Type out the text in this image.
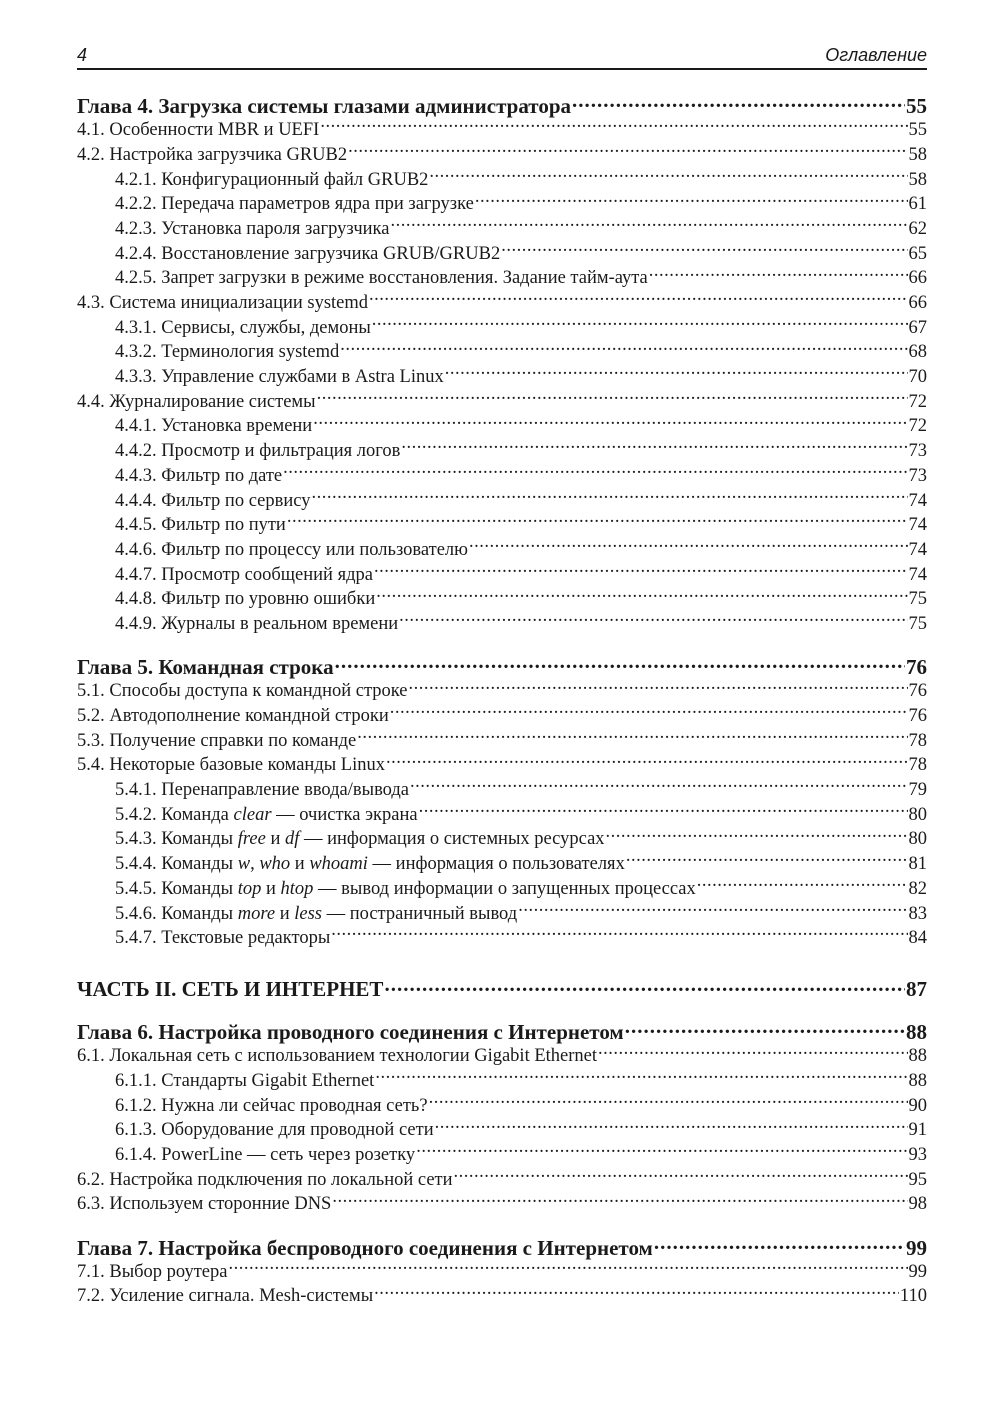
4	Оглавление
Глава 4. Загрузка системы глазами администратора .....	55
4.1. Особенности MBR и UEFI .....	55
4.2. Настройка загрузчика GRUB2 .....	58
4.2.1. Конфигурационный файл GRUB2 .....	58
4.2.2. Передача параметров ядра при загрузке .....	61
4.2.3. Установка пароля загрузчика .....	62
4.2.4. Восстановление загрузчика GRUB/GRUB2 .....	65
4.2.5. Запрет загрузки в режиме восстановления. Задание тайм-аута .....	66
4.3. Система инициализации systemd .....	66
4.3.1. Сервисы, службы, демоны .....	67
4.3.2. Терминология systemd .....	68
4.3.3. Управление службами в Astra Linux .....	70
4.4. Журналирование системы .....	72
4.4.1. Установка времени .....	72
4.4.2. Просмотр и фильтрация логов .....	73
4.4.3. Фильтр по дате .....	73
4.4.4. Фильтр по сервису .....	74
4.4.5. Фильтр по пути .....	74
4.4.6. Фильтр по процессу или пользователю .....	74
4.4.7. Просмотр сообщений ядра .....	74
4.4.8. Фильтр по уровню ошибки .....	75
4.4.9. Журналы в реальном времени .....	75
Глава 5. Командная строка .....	76
5.1. Способы доступа к командной строке .....	76
5.2. Автодополнение командной строки .....	76
5.3. Получение справки по команде .....	78
5.4. Некоторые базовые команды Linux .....	78
5.4.1. Перенаправление ввода/вывода .....	79
5.4.2. Команда clear — очистка экрана .....	80
5.4.3. Команды free и df — информация о системных ресурсах .....	80
5.4.4. Команды w, who и whoami — информация о пользователях .....	81
5.4.5. Команды top и htop — вывод информации о запущенных процессах .....	82
5.4.6. Команды more и less — постраничный вывод .....	83
5.4.7. Текстовые редакторы .....	84
ЧАСТЬ II. СЕТЬ И ИНТЕРНЕТ .....	87
Глава 6. Настройка проводного соединения с Интернетом .....	88
6.1. Локальная сеть с использованием технологии Gigabit Ethernet .....	88
6.1.1. Стандарты Gigabit Ethernet .....	88
6.1.2. Нужна ли сейчас проводная сеть? .....	90
6.1.3. Оборудование для проводной сети .....	91
6.1.4. PowerLine — сеть через розетку .....	93
6.2. Настройка подключения по локальной сети .....	95
6.3. Используем сторонние DNS .....	98
Глава 7. Настройка беспроводного соединения с Интернетом .....	99
7.1. Выбор роутера .....	99
7.2. Усиление сигнала. Mesh-системы .....	110
